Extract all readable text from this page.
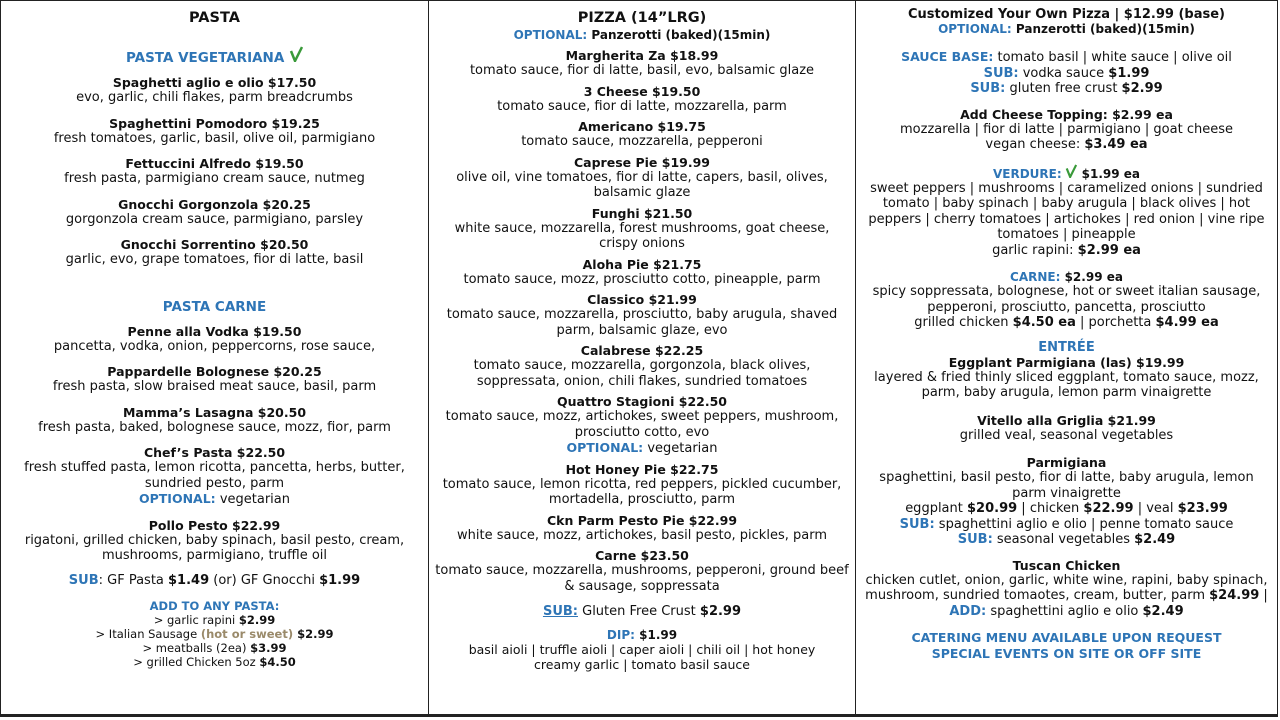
PASTA
PASTA VEGETARIANA
Spaghetti aglio e olio $17.50
evo, garlic, chili flakes, parm breadcrumbs
Spaghettini Pomodoro $19.25
fresh tomatoes, garlic, basil, olive oil, parmigiano
Fettuccini Alfredo $19.50
fresh pasta, parmigiano cream sauce, nutmeg
Gnocchi Gorgonzola $20.25
gorgonzola cream sauce, parmigiano, parsley
Gnocchi Sorrentino $20.50
garlic, evo, grape tomatoes, fior di latte, basil
PASTA CARNE
Penne alla Vodka $19.50
pancetta, vodka, onion, peppercorns, rose sauce,
Pappardelle Bolognese $20.25
fresh pasta, slow braised meat sauce, basil, parm
Mamma’s Lasagna $20.50
fresh pasta, baked, bolognese sauce, mozz, fior, parm
Chef’s Pasta $22.50
fresh stuffed pasta, lemon ricotta, pancetta, herbs, butter, sundried pesto, parm
OPTIONAL: vegetarian
Pollo Pesto $22.99
rigatoni, grilled chicken, baby spinach, basil pesto, cream, mushrooms, parmigiano, truffle oil
SUB: GF Pasta $1.49 (or) GF Gnocchi $1.99
ADD TO ANY PASTA:
> garlic rapini $2.99
> Italian Sausage (hot or sweet) $2.99
> meatballs (2ea) $3.99
> grilled Chicken 5oz $4.50
PIZZA (14”LRG)
OPTIONAL: Panzerotti (baked)(15min)
Margherita Za $18.99
tomato sauce, fior di latte, basil, evo, balsamic glaze
3 Cheese $19.50
tomato sauce, fior di latte, mozzarella, parm
Americano $19.75
tomato sauce, mozzarella, pepperoni
Caprese Pie $19.99
olive oil, vine tomatoes, fior di latte, capers, basil, olives, balsamic glaze
Funghi $21.50
white sauce, mozzarella, forest mushrooms, goat cheese, crispy onions
Aloha Pie $21.75
tomato sauce, mozz, prosciutto cotto, pineapple, parm
Classico $21.99
tomato sauce, mozzarella, prosciutto, baby arugula, shaved parm, balsamic glaze, evo
Calabrese $22.25
tomato sauce, mozzarella, gorgonzola, black olives, soppressata, onion, chili flakes, sundried tomatoes
Quattro Stagioni $22.50
tomato sauce, mozz, artichokes, sweet peppers, mushroom, prosciutto cotto, evo
OPTIONAL: vegetarian
Hot Honey Pie $22.75
tomato sauce, lemon ricotta, red peppers, pickled cucumber, mortadella, prosciutto, parm
Ckn Parm Pesto Pie $22.99
white sauce, mozz, artichokes, basil pesto, pickles, parm
Carne $23.50
tomato sauce, mozzarella, mushrooms, pepperoni, ground beef & sausage, soppressata
SUB: Gluten Free Crust $2.99
DIP: $1.99
basil aioli | truffle aioli | caper aioli | chili oil | hot honey
creamy garlic | tomato basil sauce
Customized Your Own Pizza | $12.99 (base)
OPTIONAL: Panzerotti (baked)(15min)
SAUCE BASE: tomato basil | white sauce | olive oil
SUB: vodka sauce $1.99
SUB: gluten free crust $2.99
Add Cheese Topping: $2.99 ea
mozzarella | fior di latte | parmigiano | goat cheese
vegan cheese: $3.49 ea
VERDURE:  $1.99 ea
sweet peppers | mushrooms | caramelized onions | sundried tomato | baby spinach | baby arugula | black olives | hot peppers | cherry tomatoes | artichokes | red onion | vine ripe tomatoes | pineapple
garlic rapini: $2.99 ea
CARNE: $2.99 ea
spicy soppressata, bolognese, hot or sweet italian sausage, pepperoni, prosciutto, pancetta, prosciutto
grilled chicken $4.50 ea | porchetta $4.99 ea
ENTRÉE
Eggplant Parmigiana (las) $19.99
layered & fried thinly sliced eggplant, tomato sauce, mozz, parm, baby arugula, lemon parm vinaigrette
Vitello alla Griglia $21.99
grilled veal, seasonal vegetables
Parmigiana
spaghettini, basil pesto, fior di latte, baby arugula, lemon parm vinaigrette
eggplant $20.99 | chicken $22.99 | veal $23.99
SUB: spaghettini aglio e olio | penne tomato sauce
SUB: seasonal vegetables $2.49
Tuscan Chicken
chicken cutlet, onion, garlic, white wine, rapini, baby spinach, mushroom, sundried tomaotes, cream, butter, parm $24.99 | ADD: spaghettini aglio e olio $2.49
CATERING MENU AVAILABLE UPON REQUEST
SPECIAL EVENTS ON SITE OR OFF SITE
